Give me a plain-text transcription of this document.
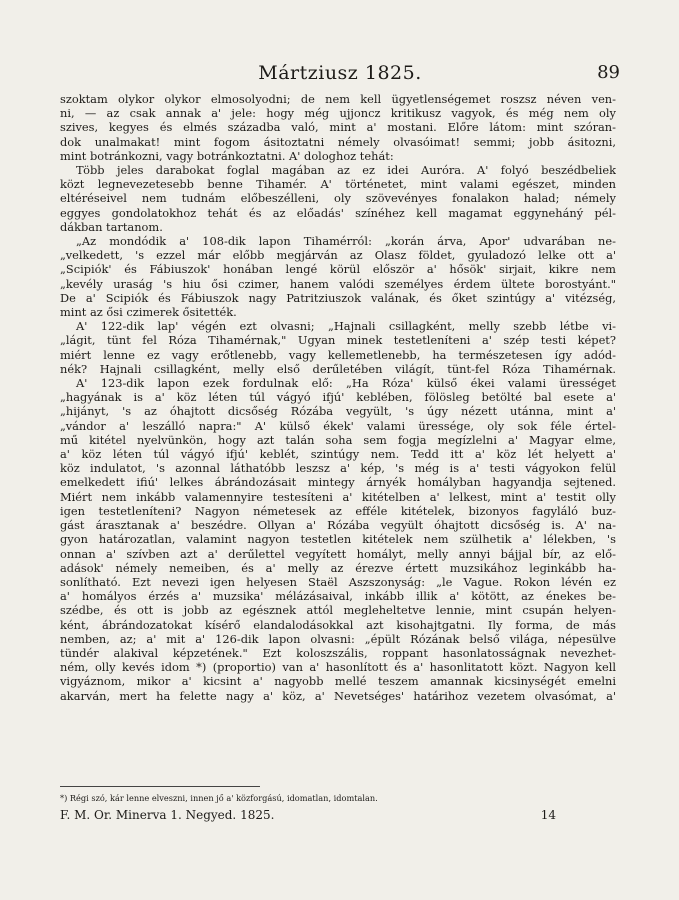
Mártziusz 1825.	89
szoktam olykor olykor elmosolyodni; de nem kell ügyetlenségemet roszsz néven ven-
ni, — az csak annak a' jele: hogy még ujjoncz kritikusz vagyok, és még nem oly
szives, kegyes és elmés századba való, mint a' mostani. Előre látom: mint szóran-
dok unalmakat! mint fogom ásitoztatni némely olvasóimat! semmi; jobb ásitozni,
mint botránkozni, vagy botránkoztatni. A' dologhoz tehát:
Több jeles darabokat foglal magában az ez idei Auróra. A' folyó beszédbeliek
közt legnevezetesebb benne Tihamér. A' történetet, mint valami egészet, minden
eltéréseivel nem tudnám előbeszélleni, oly szövevényes fonalakon halad; némely
eggyes gondolatokhoz tehát és az előadás' színéhez kell magamat eggyneháný pél-
dákban tartanom.
„Az mondódik a' 108-dik lapon Tihamérról: „korán árva, Apor' udvarában ne-
„velkedett, 's ezzel már előbb megjárván az Olasz földet, gyuladozó lelke ott a'
„Scipiók' és Fábiuszok' honában lengé körül először a' hősök' sirjait, kikre nem
„kevély uraság 's hiu ősi czimer, hanem valódi személyes érdem ültete borostyánt."
De a' Scipiók és Fábiuszok nagy Patritziuszok valának, és őket szintúgy a' vitézség,
mint az ősi czimerek ősitették.
A' 122-dik lap' végén ezt olvasni; „Hajnali csillagként, melly szebb létbe vi-
„lágit, tünt fel Róza Tihamérnak," Ugyan minek testetleníteni a' szép testi képet?
miért lenne ez vagy erőtlenebb, vagy kellemetlenebb, ha természetesen így adód-
nék? Hajnali csillagként, melly első derűletében világít, tünt-fel Róza Tihamérnak.
A' 123-dik lapon ezek fordulnak elő: „Ha Róza' külső ékei valami ürességet
„hagyának is a' köz léten túl vágyó ifjú' keblében, fölösleg betölté bal esete a'
„hijányt, 's az óhajtott dicsőség Rózába vegyült, 's úgy nézett utánna, mint a'
„vándor a' leszálló napra:" A' külső ékek' valami üressége, oly sok féle értel-
mű kitétel nyelvünkön, hogy azt talán soha sem fogja megízlelni a' Magyar elme,
a' köz léten túl vágyó ifjú' keblét, szintúgy nem. Tedd itt a' köz lét helyett a'
köz indulatot, 's azonnal láthatóbb leszsz a' kép, 's még is a' testi vágyokon felül
emelkedett ifiú' lelkes ábrándozásait mintegy árnyék homályban hagyandja sejtened.
Miért nem inkább valamennyire testesíteni a' kitételben a' lelkest, mint a' testit olly
igen testetleníteni? Nagyon németesek az efféle kitételek, bizonyos fagyláló buz-
gást árasztanak a' beszédre. Ollyan a' Rózába vegyült óhajtott dicsőség is. A' na-
gyon határozatlan, valamint nagyon testetlen kitételek nem szülhetik a' lélekben, 's
onnan a' szívben azt a' derűlettel vegyített homályt, melly annyi bájjal bír, az elő-
adások' némely nemeiben, és a' melly az érezve értett muzsikához leginkább ha-
sonlítható. Ezt nevezi igen helyesen Staël Aszszonyság: „le Vague. Rokon lévén ez
a' homályos érzés a' muzsika' mélázásaival, inkább illik a' kötött, az énekes be-
szédbe, és ott is jobb az egésznek attól megleheltetve lennie, mint csupán helyen-
ként, ábrándozatokat kísérő elandalodásokkal azt kisohajtgatni. Ily forma, de más
nemben, az; a' mit a' 126-dik lapon olvasni: „épült Rózának belső világa, népesülve
tündér alakival képzetének." Ezt koloszszális, roppant hasonlatosságnak nevezhet-
ném, olly kevés idom *) (proportio) van a' hasonlított és a' hasonlitatott közt. Nagyon kell
vigyáznom, mikor a' kicsint a' nagyobb mellé teszem amannak kicsinységét emelni
akarván, mert ha felette nagy a' köz, a' Nevetséges' határihoz vezetem olvasómat, a'
*) Régi szó, kár lenne elveszni, innen jő a' közforgású, idomatlan, idomtalan.
F. M. Or. Minerva 1. Negyed. 1825.	14
